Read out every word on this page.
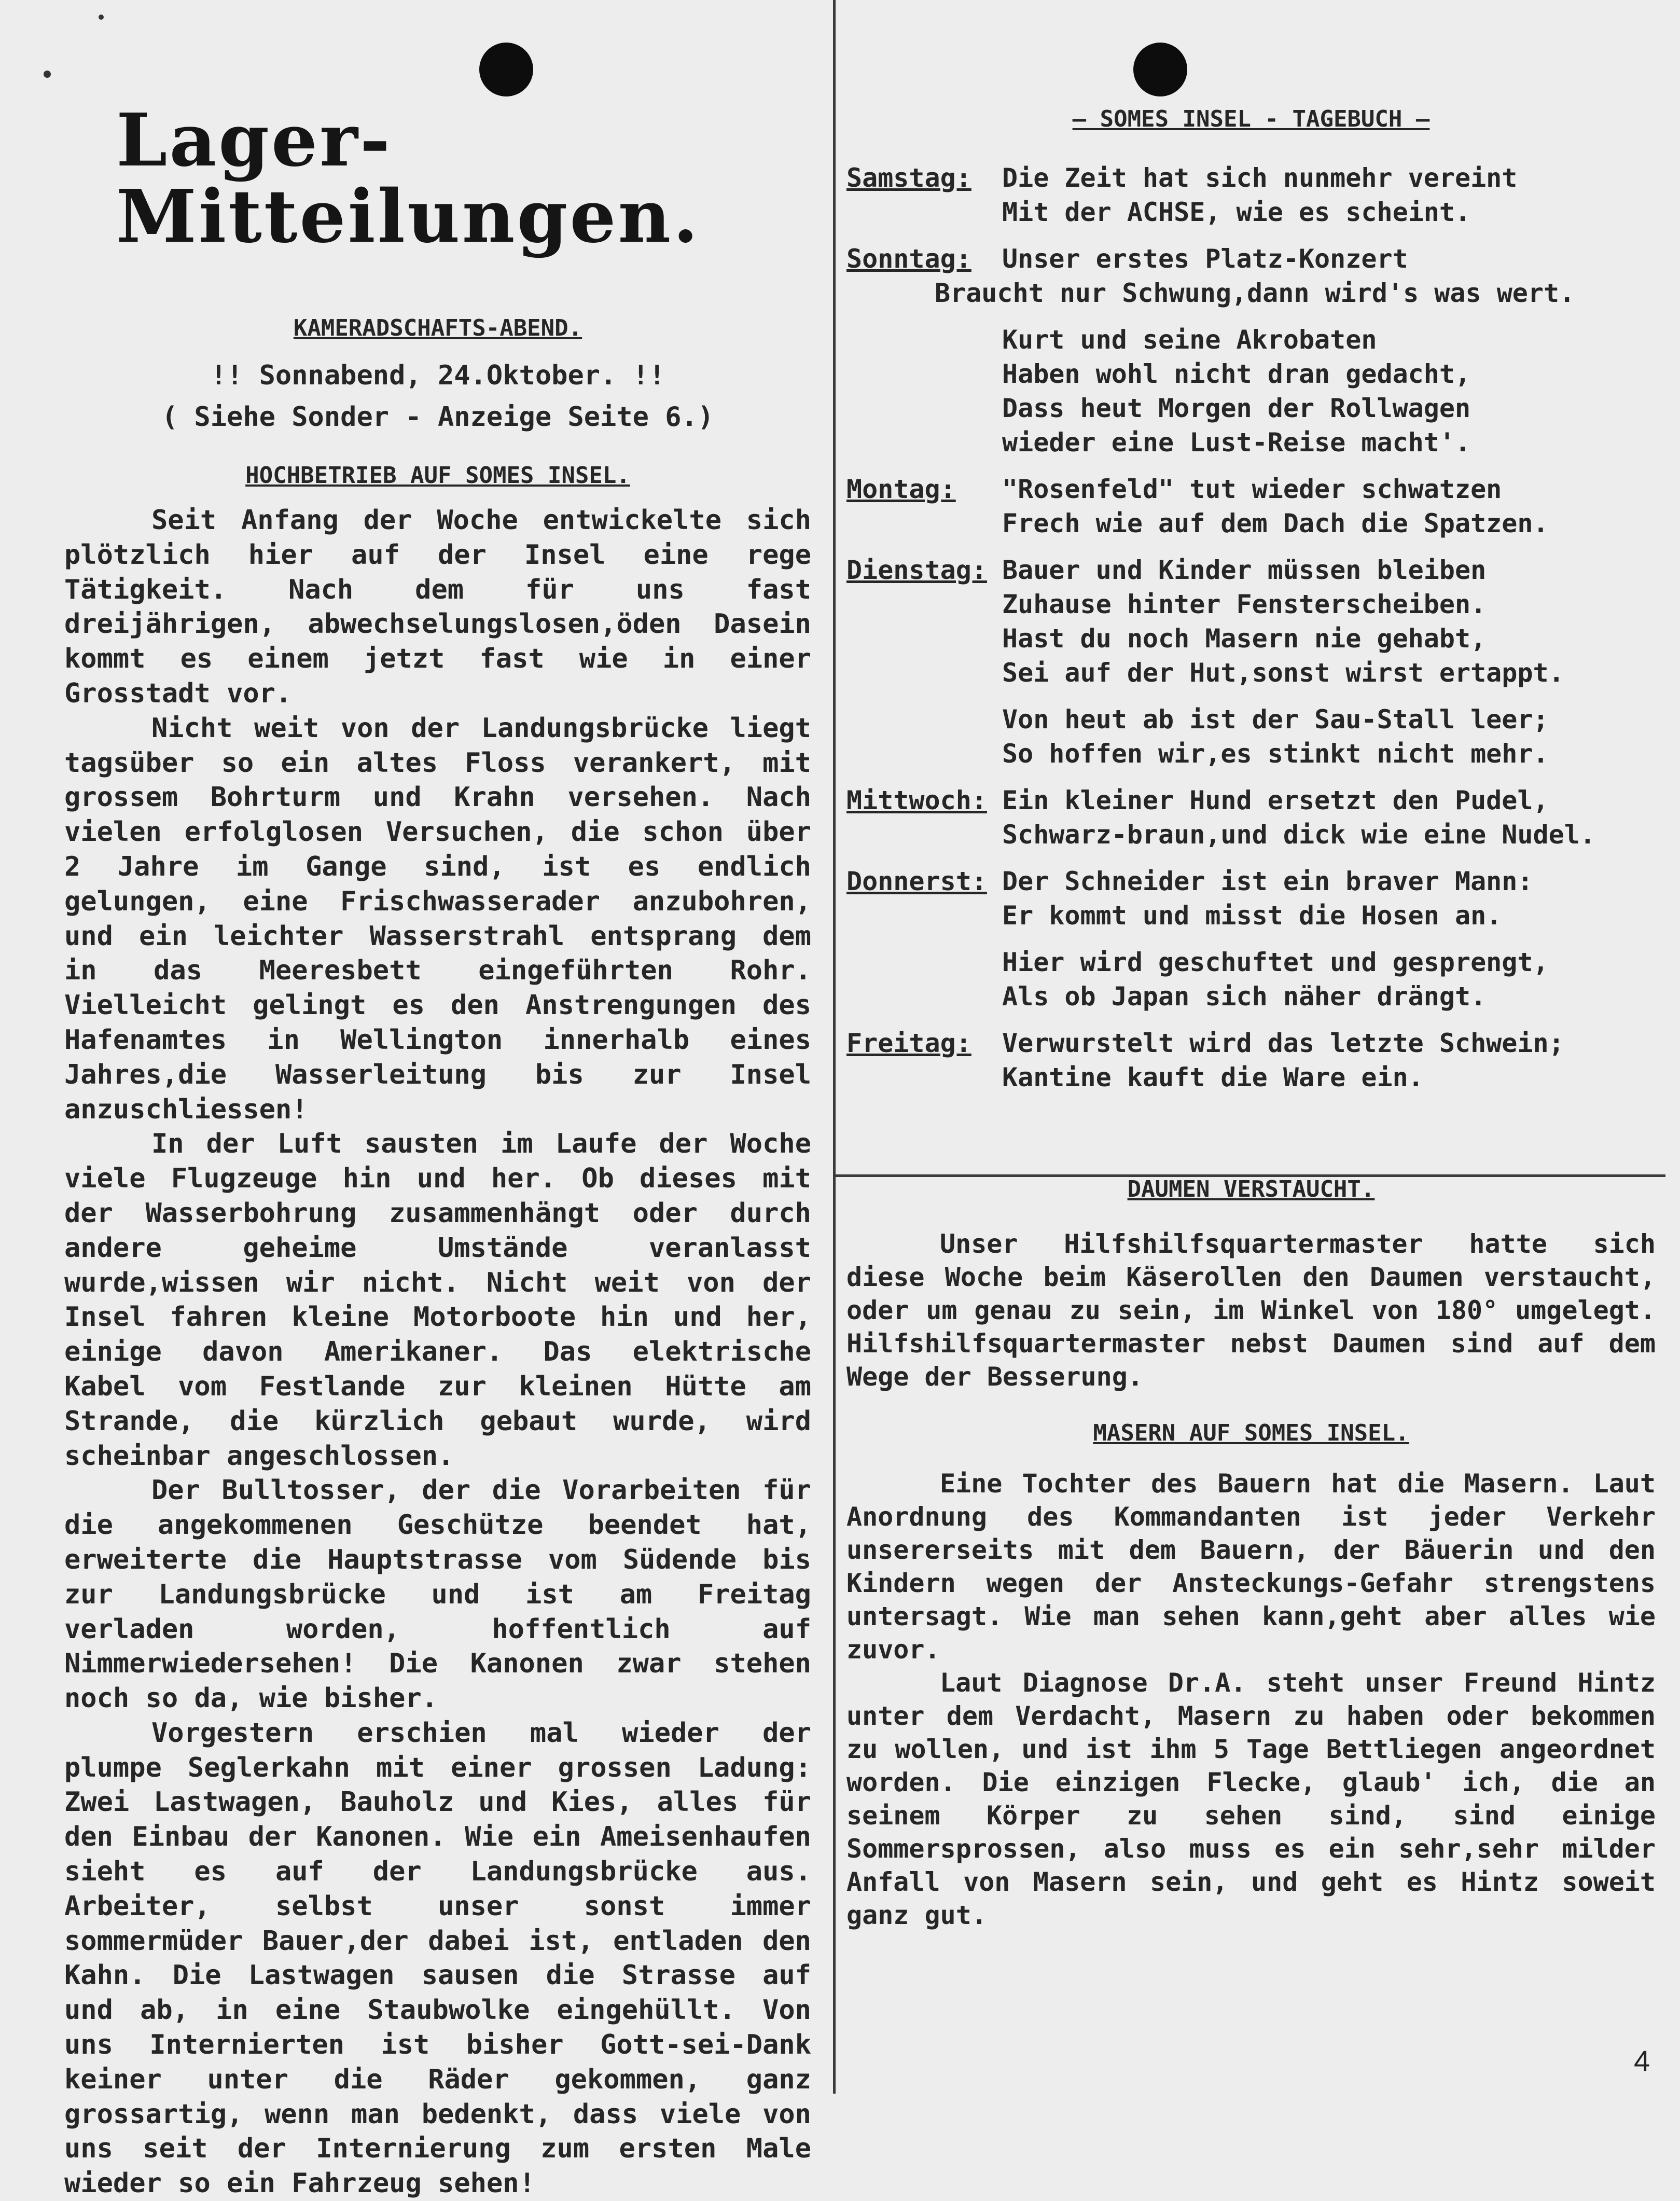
Lager-Mitteilungen.

KAMERADSCHAFTS-ABEND.

!! Sonnabend, 24.Oktober. !!

( Siehe Sonder - Anzeige Seite 6.)

HOCHBETRIEB AUF SOMES INSEL.

Seit Anfang der Woche entwickelte sich plötzlich hier auf der Insel eine rege Tätigkeit. Nach dem für uns fast dreijährigen, abwechselungslosen,öden Dasein kommt es einem jetzt fast wie in einer Grosstadt vor.

Nicht weit von der Landungsbrücke liegt tagsüber so ein altes Floss verankert, mit grossem Bohrturm und Krahn versehen. Nach vielen erfolglosen Versuchen, die schon über 2 Jahre im Gange sind, ist es endlich gelungen, eine Frischwasserader anzubohren, und ein leichter Wasserstrahl entsprang dem in das Meeresbett eingeführten Rohr. Vielleicht gelingt es den Anstrengungen des Hafenamtes in Wellington innerhalb eines Jahres,die Wasserleitung bis zur Insel anzuschliessen!

In der Luft sausten im Laufe der Woche viele Flugzeuge hin und her. Ob dieses mit der Wasserbohrung zusammenhängt oder durch andere geheime Umstände veranlasst wurde,wissen wir nicht. Nicht weit von der Insel fahren kleine Motorboote hin und her, einige davon Amerikaner. Das elektrische Kabel vom Festlande zur kleinen Hütte am Strande, die kürzlich gebaut wurde, wird scheinbar angeschlossen.

Der Bulltosser, der die Vorarbeiten für die angekommenen Geschütze beendet hat, erweiterte die Hauptstrasse vom Südende bis zur Landungsbrücke und ist am Freitag verladen worden, hoffentlich auf Nimmerwiedersehen! Die Kanonen zwar stehen noch so da, wie bisher.

Vorgestern erschien mal wieder der plumpe Seglerkahn mit einer grossen Ladung: Zwei Lastwagen, Bauholz und Kies, alles für den Einbau der Kanonen. Wie ein Ameisenhaufen sieht es auf der Landungsbrücke aus. Arbeiter, selbst unser sonst immer sommermüder Bauer,der dabei ist, entladen den Kahn. Die Lastwagen sausen die Strasse auf und ab, in eine Staubwolke eingehüllt. Von uns Internierten ist bisher Gott-sei-Dank keiner unter die Räder gekommen, ganz grossartig, wenn man bedenkt, dass viele von uns seit der Internierung zum ersten Male wieder so ein Fahrzeug sehen!

— SOMES INSEL - TAGEBUCH —

Samstag:	Die Zeit hat sich nunmehr vereint

Mit der ACHSE, wie es scheint.

Sonntag:	Unser erstes Platz-Konzert

Braucht nur Schwung,dann wird's was wert.

Kurt und seine Akrobaten

Haben wohl nicht dran gedacht,

Dass heut Morgen der Rollwagen

wieder eine Lust-Reise macht'.

Montag:	"Rosenfeld" tut wieder schwatzen

Frech wie auf dem Dach die Spatzen.

Dienstag: Bauer und Kinder müssen bleiben

Zuhause hinter Fensterscheiben.

Hast du noch Masern nie gehabt,

Sei auf der Hut,sonst wirst ertappt.

Von heut ab ist der Sau-Stall leer;

So hoffen wir,es stinkt nicht mehr.

Mittwoch: Ein kleiner Hund ersetzt den Pudel,

Schwarz-braun,und dick wie eine Nudel.

Donnerst: Der Schneider ist ein braver Mann:

Er kommt und misst die Hosen an.

Hier wird geschuftet und gesprengt,

Als ob Japan sich näher drängt.

Freitag:	Verwurstelt wird das letzte Schwein;

Kantine kauft die Ware ein.

DAUMEN VERSTAUCHT.

Unser Hilfshilfsquartermaster hatte sich diese Woche beim Käserollen den Daumen verstaucht, oder um genau zu sein, im Winkel von 180° umgelegt. Hilfshilfsquartermaster nebst Daumen sind auf dem Wege der Besserung.

MASERN AUF SOMES INSEL.

Eine Tochter des Bauern hat die Masern. Laut Anordnung des Kommandanten ist jeder Verkehr unsererseits mit dem Bauern, der Bäuerin und den Kindern wegen der Ansteckungs-Gefahr strengstens untersagt. Wie man sehen kann,geht aber alles wie zuvor.

Laut Diagnose Dr.A. steht unser Freund Hintz unter dem Verdacht, Masern zu haben oder bekommen zu wollen, und ist ihm 5 Tage Bettliegen angeordnet worden. Die einzigen Flecke, glaub' ich, die an seinem Körper zu sehen sind, sind einige Sommersprossen, also muss es ein sehr,sehr milder Anfall von Masern sein, und geht es Hintz soweit ganz gut.

4
